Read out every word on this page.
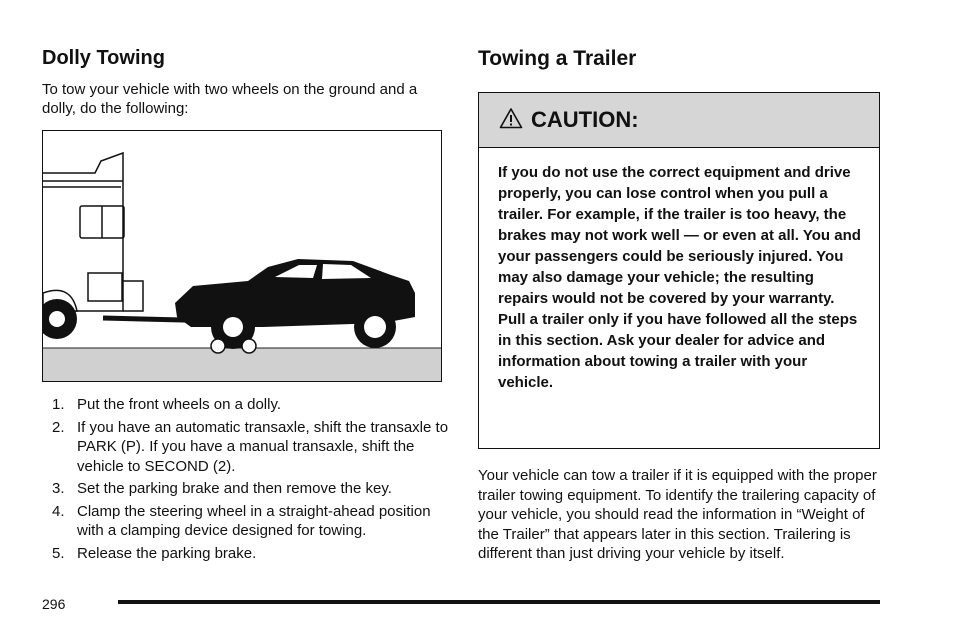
Dolly Towing
To tow your vehicle with two wheels on the ground and a dolly, do the following:
1. Put the front wheels on a dolly.
2. If you have an automatic transaxle, shift the transaxle to PARK (P). If you have a manual transaxle, shift the vehicle to SECOND (2).
3. Set the parking brake and then remove the key.
4. Clamp the steering wheel in a straight-ahead position with a clamping device designed for towing.
5. Release the parking brake.
Towing a Trailer
CAUTION:
If you do not use the correct equipment and drive properly, you can lose control when you pull a trailer. For example, if the trailer is too heavy, the brakes may not work well — or even at all. You and your passengers could be seriously injured. You may also damage your vehicle; the resulting repairs would not be covered by your warranty. Pull a trailer only if you have followed all the steps in this section. Ask your dealer for advice and information about towing a trailer with your vehicle.
Your vehicle can tow a trailer if it is equipped with the proper trailer towing equipment. To identify the trailering capacity of your vehicle, you should read the information in “Weight of the Trailer” that appears later in this section. Trailering is different than just driving your vehicle by itself.
296
